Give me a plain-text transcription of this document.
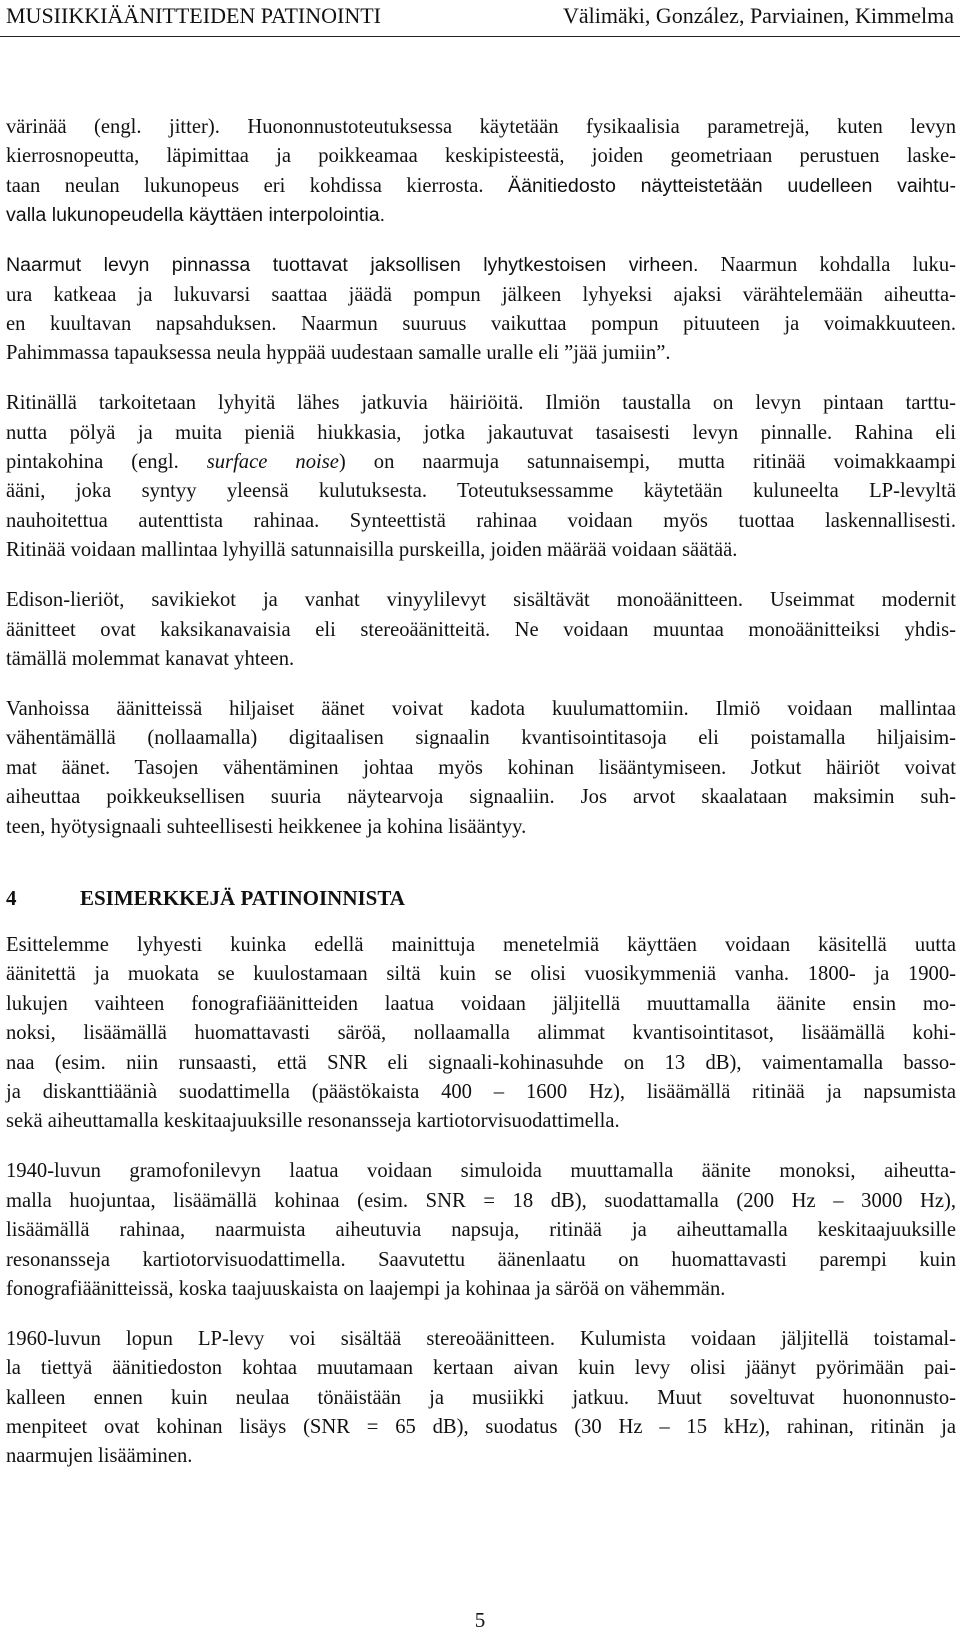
MUSIIKKIÄÄNITTEIDEN PATINOINTI	Välimäki, González, Parviainen, Kimmelma

värinää (engl. jitter). Huononnustoteutuksessa käytetään fysikaalisia parametrejä, kuten levyn
kierrosnopeutta, läpimittaa ja poikkeamaa keskipisteestä, joiden geometriaan perustuen laske-
taan neulan lukunopeus eri kohdissa kierrosta. Äänitiedosto näytteistetään uudelleen vaihtu-
valla lukunopeudella käyttäen interpolointia.

Naarmut levyn pinnassa tuottavat jaksollisen lyhytkestoisen virheen. Naarmun kohdalla luku-
ura katkeaa ja lukuvarsi saattaa jäädä pompun jälkeen lyhyeksi ajaksi värähtelemään aiheutta-
en kuultavan napsahduksen. Naarmun suuruus vaikuttaa pompun pituuteen ja voimakkuuteen.
Pahimmassa tapauksessa neula hyppää uudestaan samalle uralle eli ”jää jumiin”.

Ritinällä tarkoitetaan lyhyitä lähes jatkuvia häiriöitä. Ilmiön taustalla on levyn pintaan tarttu-
nutta pölyä ja muita pieniä hiukkasia, jotka jakautuvat tasaisesti levyn pinnalle. Rahina eli
pintakohina (engl. surface noise) on naarmuja satunnaisempi, mutta ritinää voimakkaampi
ääni, joka syntyy yleensä kulutuksesta. Toteutuksessamme käytetään kuluneelta LP-levyltä
nauhoitettua autenttista rahinaa. Synteettistä rahinaa voidaan myös tuottaa laskennallisesti.
Ritinää voidaan mallintaa lyhyillä satunnaisilla purskeilla, joiden määrää voidaan säätää.

Edison-lieriöt, savikiekot ja vanhat vinyylilevyt sisältävät monoäänitteen. Useimmat modernit
äänitteet ovat kaksikanavaisia eli stereoäänitteitä. Ne voidaan muuntaa monoäänitteiksi yhdis-
tämällä molemmat kanavat yhteen.

Vanhoissa äänitteissä hiljaiset äänet voivat kadota kuulumattomiin. Ilmiö voidaan mallintaa
vähentämällä (nollaamalla) digitaalisen signaalin kvantisointitasoja eli poistamalla hiljaisim-
mat äänet. Tasojen vähentäminen johtaa myös kohinan lisääntymiseen. Jotkut häiriöt voivat
aiheuttaa poikkeuksellisen suuria näytearvoja signaaliin. Jos arvot skaalataan maksimin suh-
teen, hyötysignaali suhteellisesti heikkenee ja kohina lisääntyy.

4	ESIMERKKEJÄ PATINOINNISTA

Esittelemme lyhyesti kuinka edellä mainittuja menetelmiä käyttäen voidaan käsitellä uutta
äänitettä ja muokata se kuulostamaan siltä kuin se olisi vuosikymmeniä vanha. 1800- ja 1900-
lukujen vaihteen fonografiäänitteiden laatua voidaan jäljitellä muuttamalla äänite ensin mo-
noksi, lisäämällä huomattavasti säröä, nollaamalla alimmat kvantisointitasot, lisäämällä kohi-
naa (esim. niin runsaasti, että SNR eli signaali-kohinasuhde on 13 dB), vaimentamalla basso-
ja diskanttiäänià suodattimella (päästökaista 400 – 1600 Hz), lisäämällä ritinää ja napsumista
sekä aiheuttamalla keskitaajuuksille resonansseja kartiotorvisuodattimella.

1940-luvun gramofonilevyn laatua voidaan simuloida muuttamalla äänite monoksi, aiheutta-
malla huojuntaa, lisäämällä kohinaa (esim. SNR = 18 dB), suodattamalla (200 Hz – 3000 Hz),
lisäämällä rahinaa, naarmuista aiheutuvia napsuja, ritinää ja aiheuttamalla keskitaajuuksille
resonansseja kartiotorvisuodattimella. Saavutettu äänenlaatu on huomattavasti parempi kuin
fonografiäänitteissä, koska taajuuskaista on laajempi ja kohinaa ja säröä on vähemmän.

1960-luvun lopun LP-levy voi sisältää stereoäänitteen. Kulumista voidaan jäljitellä toistamal-
la tiettyä äänitiedoston kohtaa muutamaan kertaan aivan kuin levy olisi jäänyt pyörimään pai-
kalleen ennen kuin neulaa tönäistään ja musiikki jatkuu. Muut soveltuvat huononnusto-
menpiteet ovat kohinan lisäys (SNR = 65 dB), suodatus (30 Hz – 15 kHz), rahinan, ritinän ja
naarmujen lisääminen.

5
